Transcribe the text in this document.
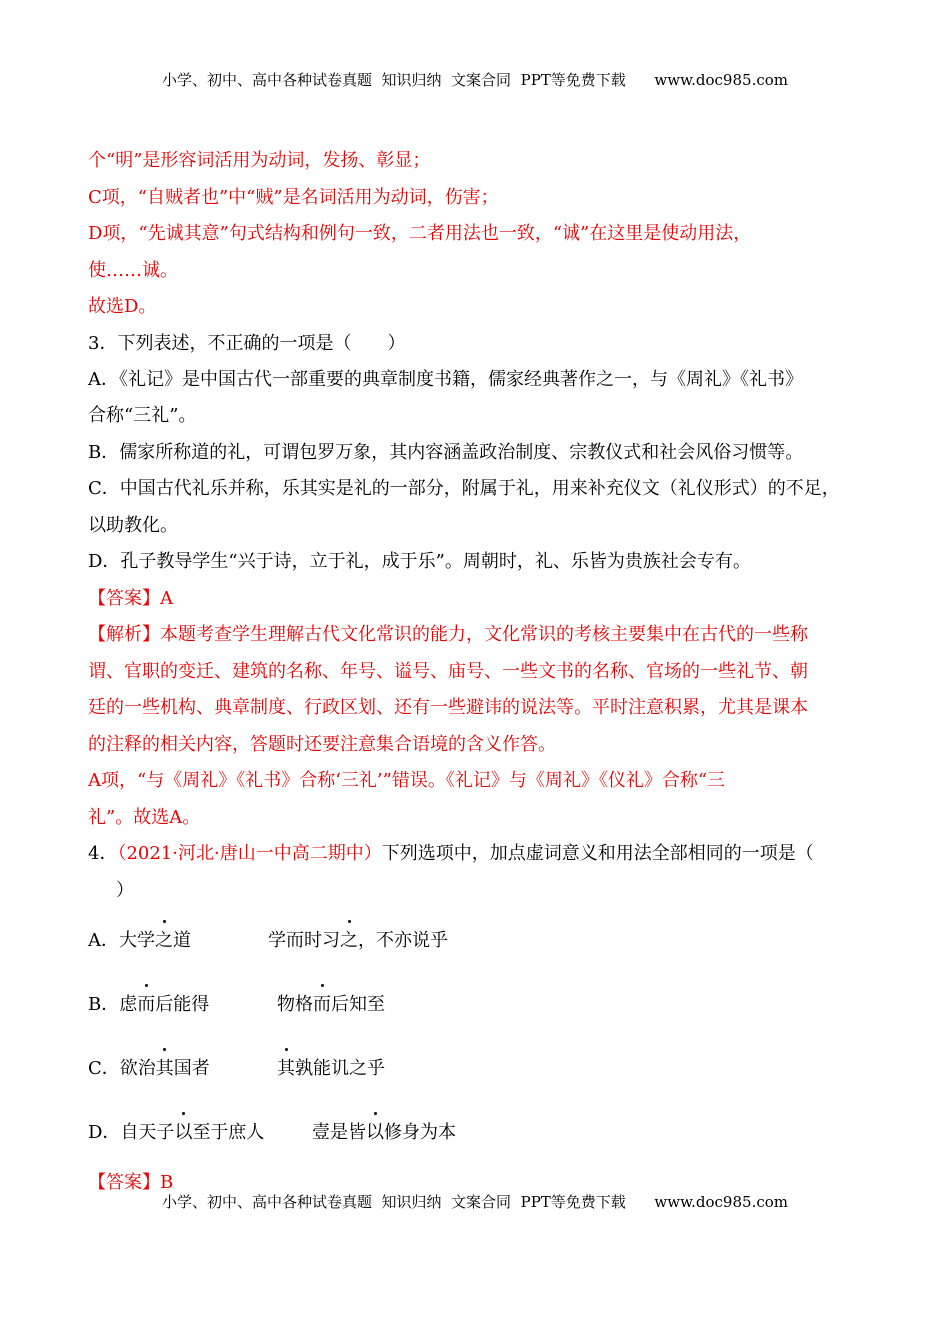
小学、初中、高中各种试卷真题  知识归纳  文案合同  PPT等免费下载      www.doc985.com
个“明”是形容词活用为动词，发扬、彰显；
C项，“自贼者也”中“贼”是名词活用为动词，伤害；
D项，“先诚其意”句式结构和例句一致，二者用法也一致，“诚”在这里是使动用法，
使……诚。
故选D。
3．下列表述，不正确的一项是（　　）
A．《礼记》是中国古代一部重要的典章制度书籍，儒家经典著作之一，与《周礼》《礼书》
合称“三礼”。
B．儒家所称道的礼，可谓包罗万象，其内容涵盖政治制度、宗教仪式和社会风俗习惯等。
C．中国古代礼乐并称，乐其实是礼的一部分，附属于礼，用来补充仪文（礼仪形式）的不足，
以助教化。
D．孔子教导学生“兴于诗，立于礼，成于乐”。周朝时，礼、乐皆为贵族社会专有。
【答案】A
【解析】本题考查学生理解古代文化常识的能力，文化常识的考核主要集中在古代的一些称
谓、官职的变迁、建筑的名称、年号、谥号、庙号、一些文书的名称、官场的一些礼节、朝
廷的一些机构、典章制度、行政区划、还有一些避讳的说法等。平时注意积累，尤其是课本
的注释的相关内容，答题时还要注意集合语境的含义作答。
A项，“与《周礼》《礼书》合称‘三礼’”错误。《礼记》与《周礼》《仪礼》合称“三
礼”。故选A。
4．（2021·河北·唐山一中高二期中）下列选项中，加点虚词意义和用法全部相同的一项是（
）
A．大学之道	学而时习之，不亦说乎
B．虑而后能得	物格而后知至
C．欲治其国者	其孰能讥之乎
D．自天子以至于庶人	壹是皆以修身为本
【答案】B
小学、初中、高中各种试卷真题  知识归纳  文案合同  PPT等免费下载      www.doc985.com
